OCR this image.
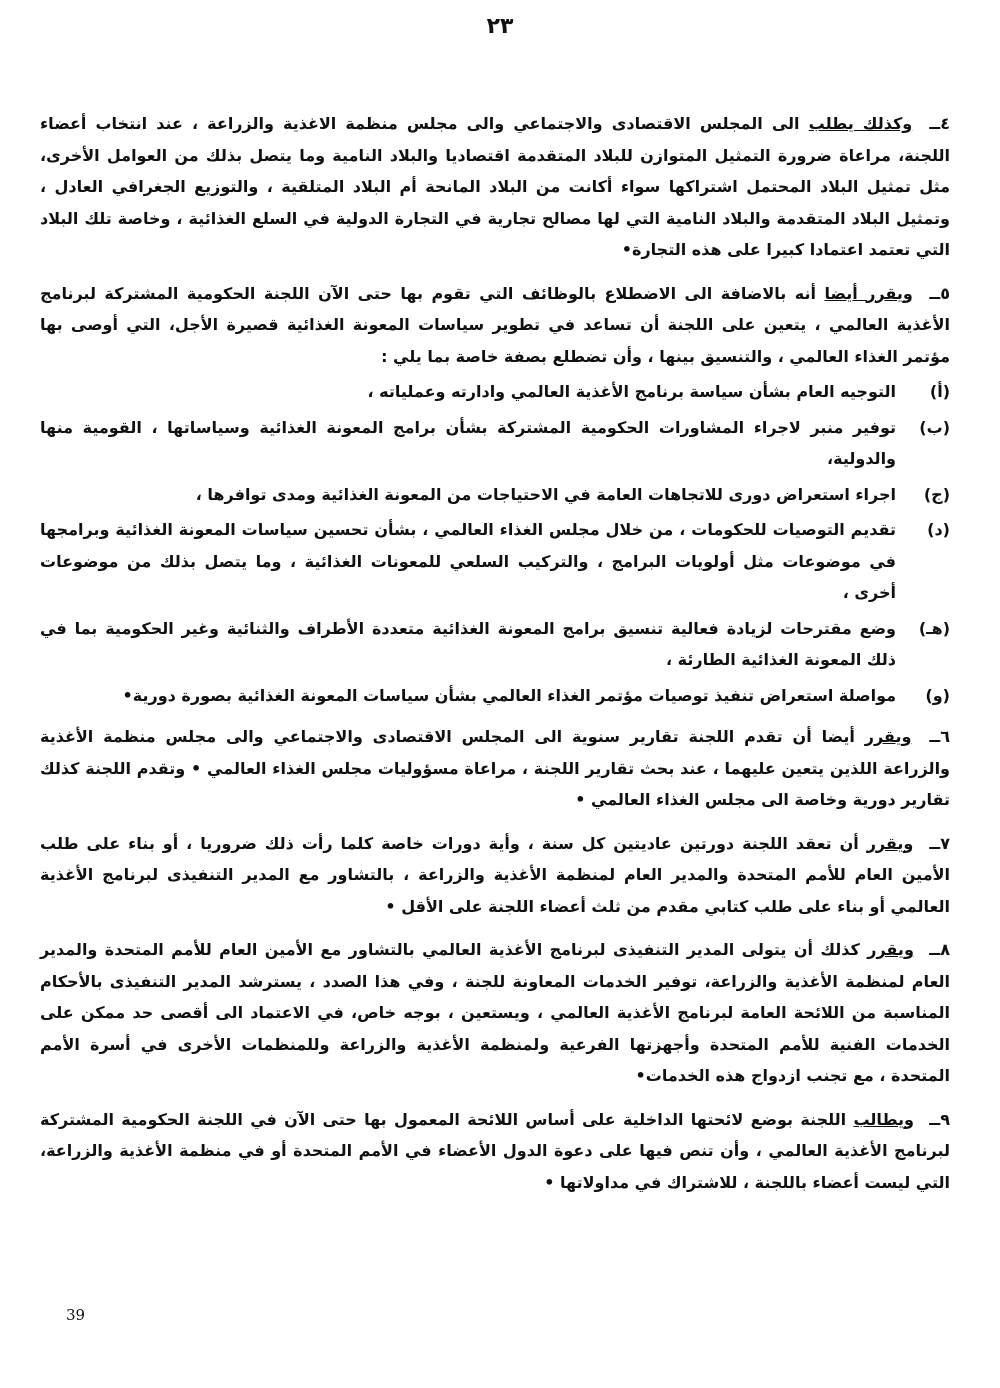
٢٣

٤ــ وكذلك يطلب الى المجلس الاقتصادى والاجتماعي والى مجلس منظمة الاغذية والزراعة ، عند انتخاب أعضاء اللجنة، مراعاة ضرورة التمثيل المتوازن للبلاد المتقدمة اقتصاديا والبلاد النامية وما يتصل بذلك من العوامل الأخرى، مثل تمثيل البلاد المحتمل اشتراكها سواء أكانت من البلاد المانحة أم البلاد المتلقية ، والتوزيع الجغرافي العادل ، وتمثيل البلاد المتقدمة والبلاد النامية التي لها مصالح تجارية في التجارة الدولية في السلع الغذائية ، وخاصة تلك البلاد التي تعتمد اعتمادا كبيرا على هذه التجارة•

٥ــ ويقرر أيضا أنه بالاضافة الى الاضطلاع بالوظائف التي تقوم بها حتى الآن اللجنة الحكومية المشتركة لبرنامج الأغذية العالمي ، يتعين على اللجنة أن تساعد في تطوير سياسات المعونة الغذائية قصيرة الأجل، التي أوصى بها مؤتمر الغذاء العالمي ، والتنسيق بينها ، وأن تضطلع بصفة خاصة بما يلي :

(أ)
التوجيه العام بشأن سياسة برنامج الأغذية العالمي وادارته وعملياته ،
(ب)
توفير منبر لاجراء المشاورات الحكومية المشتركة بشأن برامج المعونة الغذائية وسياساتها ، القومية منها والدولية،
(ج)
اجراء استعراض دورى للاتجاهات العامة في الاحتياجات من المعونة الغذائية ومدى توافرها ،
(د)
تقديم التوصيات للحكومات ، من خلال مجلس الغذاء العالمي ، بشأن تحسين سياسات المعونة الغذائية وبرامجها في موضوعات مثل أولويات البرامج ، والتركيب السلعي للمعونات الغذائية ، وما يتصل بذلك من موضوعات أخرى ،
(هـ)
وضع مقترحات لزيادة فعالية تنسيق برامج المعونة الغذائية متعددة الأطراف والثنائية وغير الحكومية بما في ذلك المعونة الغذائية الطارئة ،
(و)
مواصلة استعراض تنفيذ توصيات مؤتمر الغذاء العالمي بشأن سياسات المعونة الغذائية بصورة دورية•

٦ــ ويقرر أيضا أن تقدم اللجنة تقارير سنوية الى المجلس الاقتصادى والاجتماعي والى مجلس منظمة الأغذية والزراعة اللذين يتعين عليهما ، عند بحث تقارير اللجنة ، مراعاة مسؤوليات مجلس الغذاء العالمي • وتقدم اللجنة كذلك تقارير دورية وخاصة الى مجلس الغذاء العالمي •

٧ــ ويقرر أن تعقد اللجنة دورتين عاديتين كل سنة ، وأية دورات خاصة كلما رأت ذلك ضروريا ، أو بناء على طلب الأمين العام للأمم المتحدة والمدير العام لمنظمة الأغذية والزراعة ، بالتشاور مع المدير التنفيذى لبرنامج الأغذية العالمي أو بناء على طلب كتابي مقدم من ثلث أعضاء اللجنة على الأقل •

٨ــ ويقرر كذلك أن يتولى المدير التنفيذى لبرنامج الأغذية العالمي بالتشاور مع الأمين العام للأمم المتحدة والمدير العام لمنظمة الأغذية والزراعة، توفير الخدمات المعاونة للجنة ، وفي هذا الصدد ، يسترشد المدير التنفيذى بالأحكام المناسبة من اللائحة العامة لبرنامج الأغذية العالمي ، ويستعين ، بوجه خاص، في الاعتماد الى أقصى حد ممكن على الخدمات الفنية للأمم المتحدة وأجهزتها الفرعية ولمنظمة الأغذية والزراعة وللمنظمات الأخرى في أسرة الأمم المتحدة ، مع تجنب ازدواج هذه الخدمات•

٩ــ ويطالب اللجنة بوضع لائحتها الداخلية على أساس اللائحة المعمول بها حتى الآن في اللجنة الحكومية المشتركة لبرنامج الأغذية العالمي ، وأن تنص فيها على دعوة الدول الأعضاء في الأمم المتحدة أو في منظمة الأغذية والزراعة، التي ليست أعضاء باللجنة ، للاشتراك في مداولاتها •

39
